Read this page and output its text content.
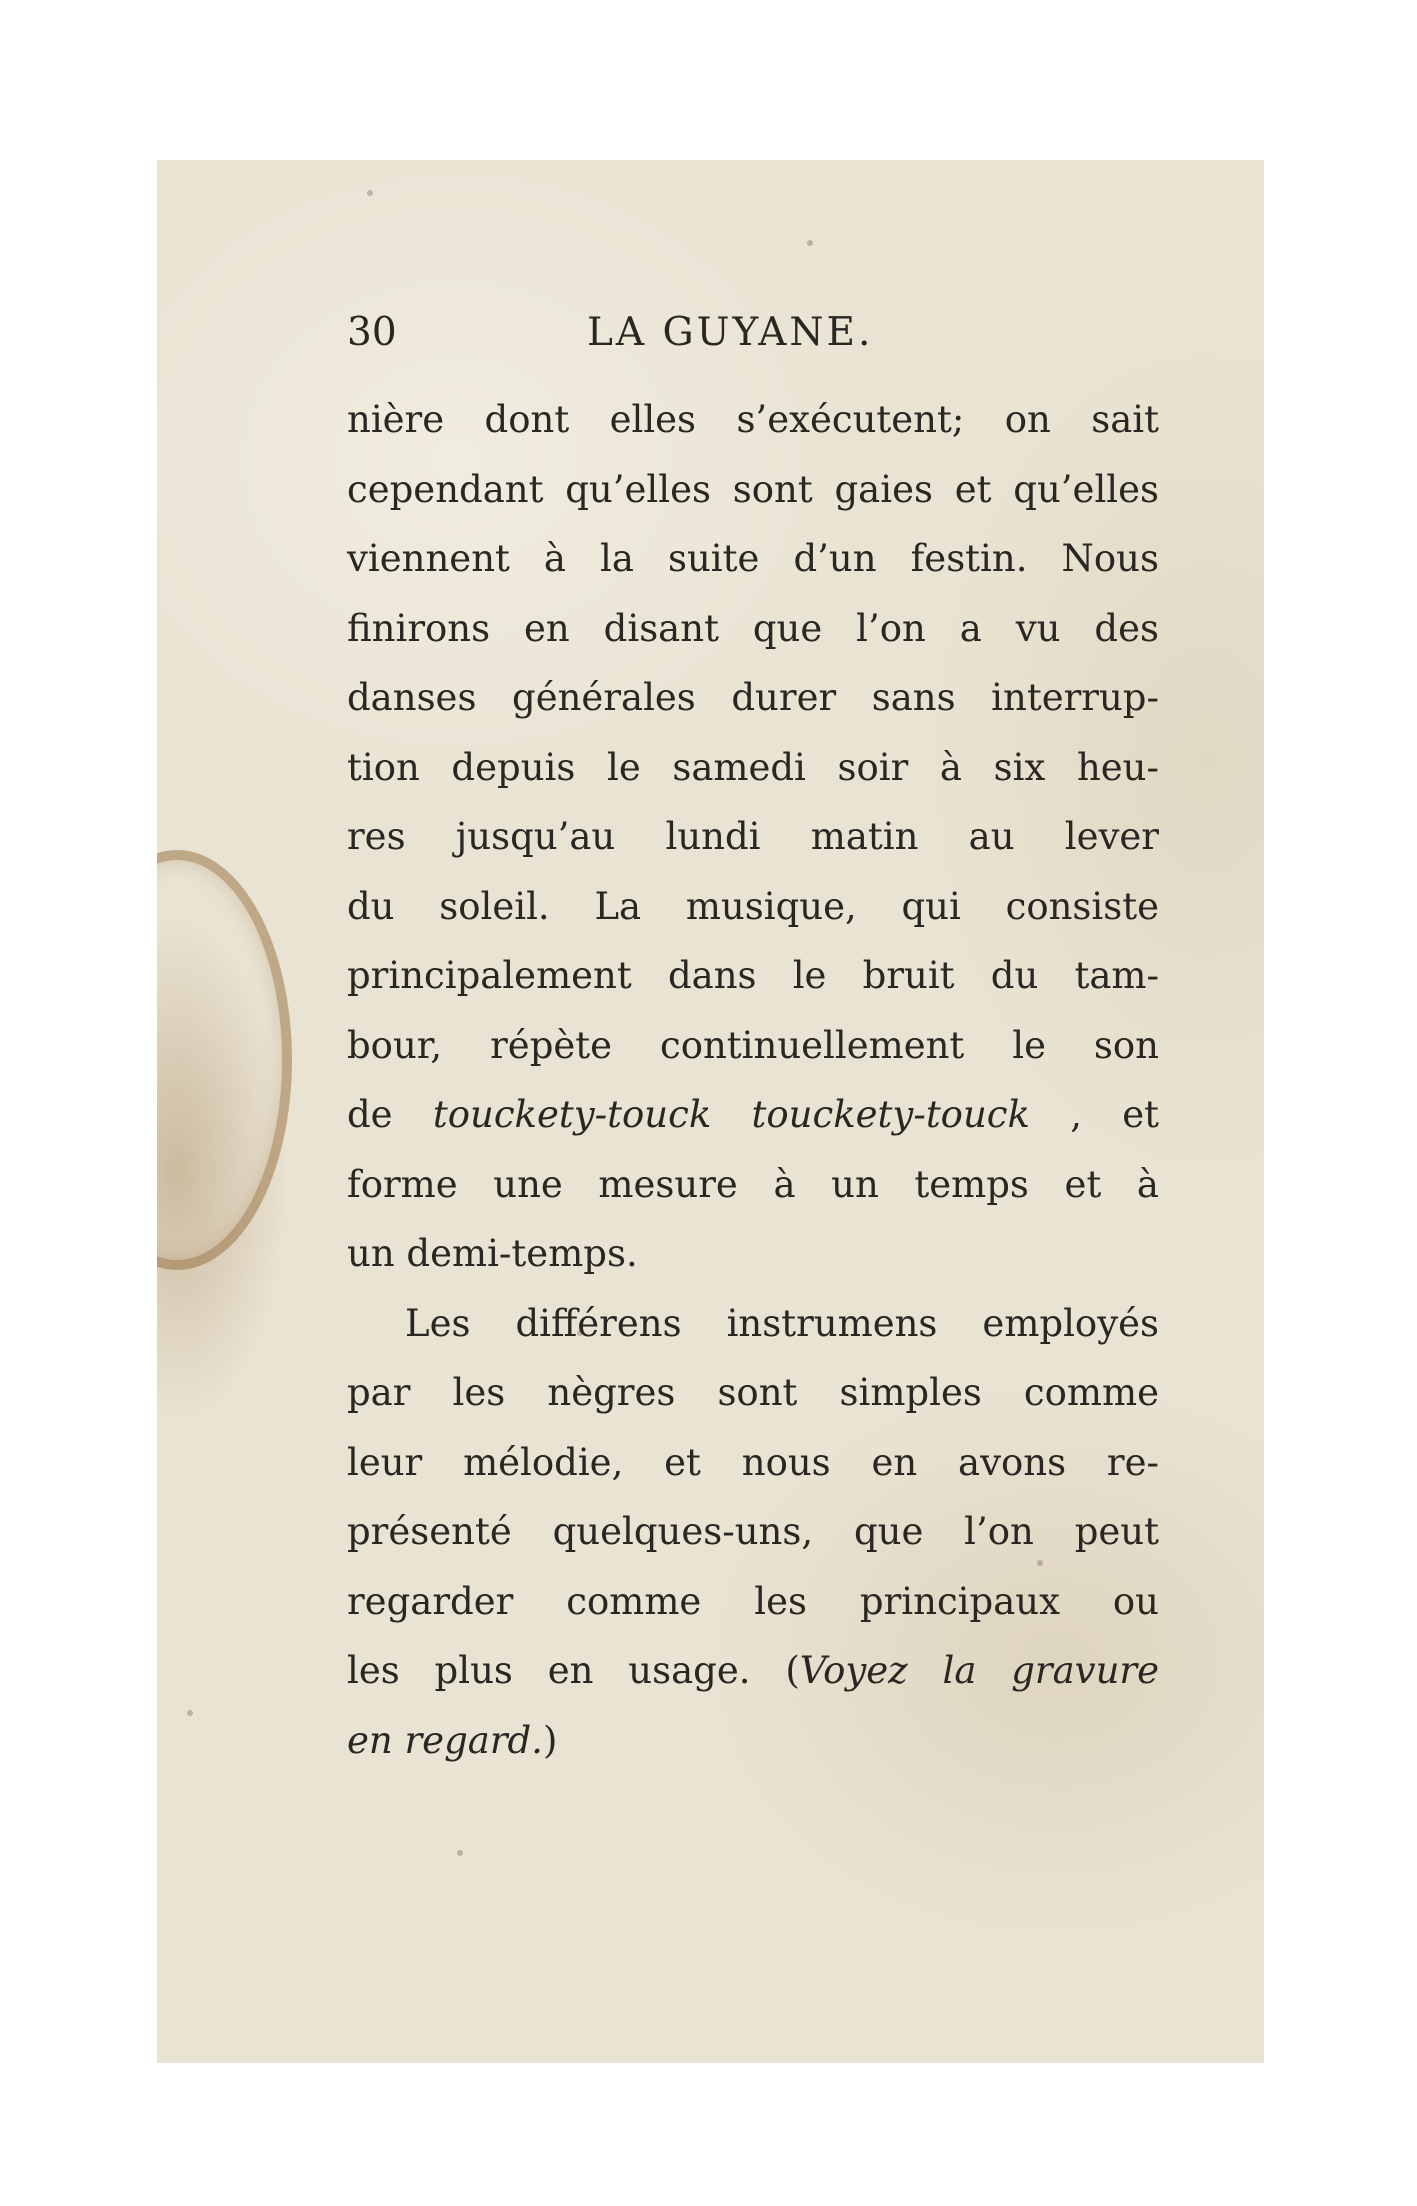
30	LA GUYANE.
nière dont elles s’exécutent; on sait
cependant qu’elles sont gaies et qu’elles
viennent à la suite d’un festin. Nous
finirons en disant que l’on a vu des
danses générales durer sans interrup-
tion depuis le samedi soir à six heu-
res jusqu’au lundi matin au lever
du soleil. La musique, qui consiste
principalement dans le bruit du tam-
bour, répète continuellement le son
de touckety-touck touckety-touck , et
forme une mesure à un temps et à
un demi-temps.
Les différens instrumens employés
par les nègres sont simples comme
leur mélodie, et nous en avons re-
présenté quelques-uns, que l’on peut
regarder comme les principaux ou
les plus en usage. (Voyez la gravure
en regard.)
